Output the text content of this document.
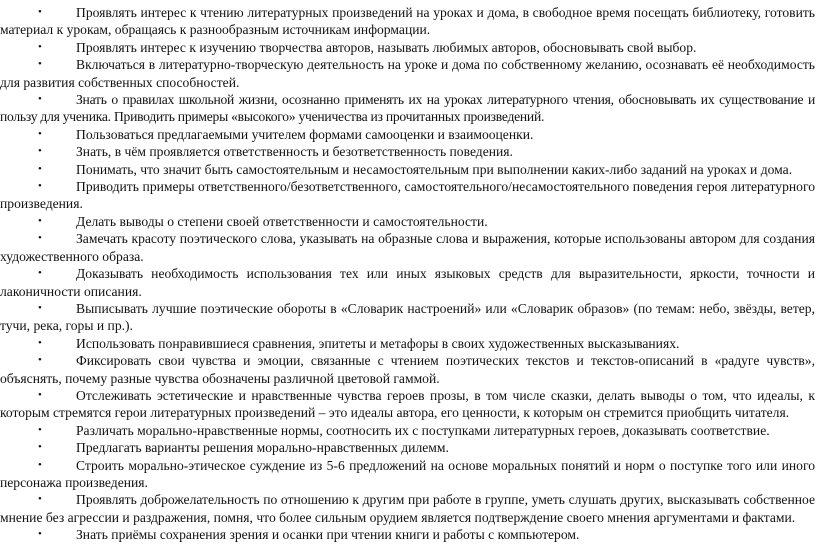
•	Проявлять интерес к чтению литературных произведений на уроках и дома, в свободное время посещать библиотеку, готовить материал к урокам, обращаясь к разнообразным источникам информации.

•	Проявлять интерес к изучению творчества авторов, называть любимых авторов, обосновывать свой выбор.

•	Включаться в литературно-творческую деятельность на уроке и дома по собственному желанию, осознавать её необходимость для развития собственных способностей.

•	Знать о правилах школьной жизни, осознанно применять их на уроках литературного чтения, обосновывать их существование и пользу для ученика. Приводить примеры «высокого» ученичества из прочитанных произведений.

•	Пользоваться предлагаемыми учителем формами самооценки и взаимооценки.

•	Знать, в чём проявляется ответственность и безответственность поведения.

•	Понимать, что значит быть самостоятельным и несамостоятельным при выполнении каких-либо заданий на уроках и дома.

•	Приводить примеры ответственного/безответственного, самостоятельного/несамостоятельного поведения героя литературного произведения.

•	Делать выводы о степени своей ответственности и самостоятельности.

•	Замечать красоту поэтического слова, указывать на образные слова и выражения, которые использованы автором для создания художественного образа.

•	Доказывать необходимость использования тех или иных языковых средств для выразительности, яркости, точности и лаконичности описания.

•	Выписывать лучшие поэтические обороты в «Словарик настроений» или «Словарик образов» (по темам: небо, звёзды, ветер, тучи, река, горы и пр.).

•	Использовать понравившиеся сравнения, эпитеты и метафоры в своих художественных высказываниях.

•	Фиксировать свои чувства и эмоции, связанные с чтением поэтических текстов и текстов-описаний в «радуге чувств», объяснять, почему разные чувства обозначены различной цветовой гаммой.

•	Отслеживать эстетические и нравственные чувства героев прозы, в том числе сказки, делать выводы о том, что идеалы, к которым стремятся герои литературных произведений – это идеалы автора, его ценности, к которым он стремится приобщить читателя.

•	Различать морально-нравственные нормы, соотносить их с поступками литературных героев, доказывать соответствие.

•	Предлагать варианты решения морально-нравственных дилемм.

•	Строить морально-этическое суждение из 5-6 предложений на основе моральных понятий и норм о поступке того или иного персонажа произведения.

•	Проявлять доброжелательность по отношению к другим при работе в группе, уметь слушать других, высказывать собственное мнение без агрессии и раздражения, помня, что более сильным орудием является подтверждение своего мнения аргументами и фактами.

•	Знать приёмы сохранения зрения и осанки при чтении книги и работы с компьютером.
